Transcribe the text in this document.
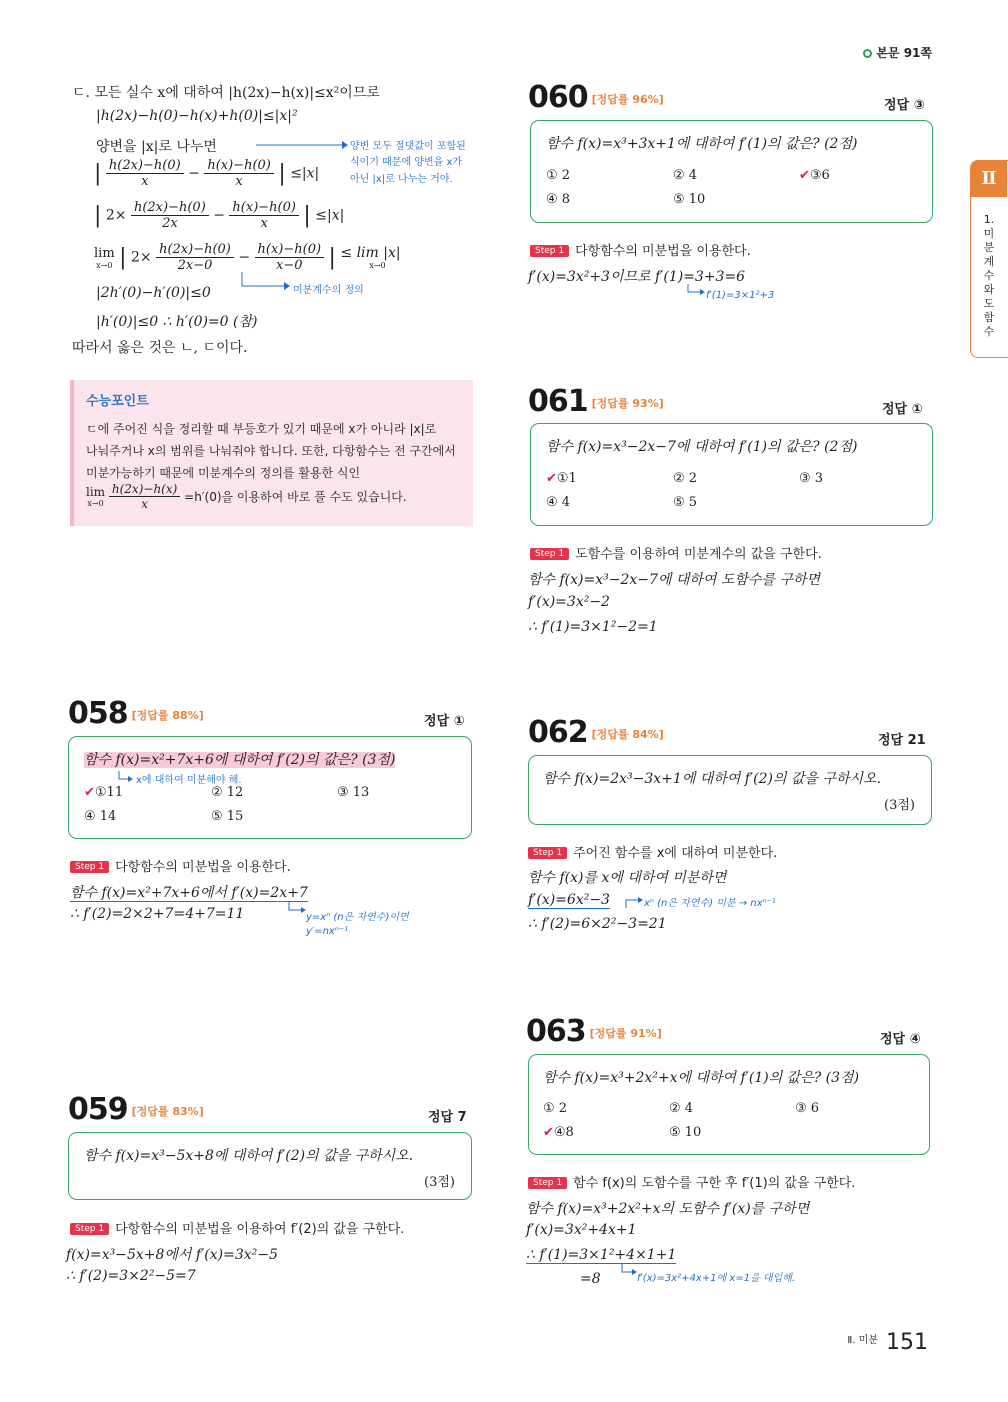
본문 91쪽
Ⅱ
1.미분계수와도함수
ㄷ. 모든 실수 x에 대하여 |h(2x)−h(x)|≤x²이므로
|h(2x)−h(0)−h(x)+h(0)|≤|x|²
양변을 |x|로 나누면	양변 모두 절댓값이 포함된
식이기 때문에 양변을 x가
아닌 |x|로 나누는 거야.
| $\frac{h(2x)-h(0)}{x} - \frac{h(x)-h(0)}{x}$ | ≤|x|
| $2\times \frac{h(2x)-h(0)}{2x} - \frac{h(x)-h(0)}{x}$ | ≤|x|
lim
x→0 | $2\times \frac{h(2x)-h(0)}{2x-0} - \frac{h(x)-h(0)}{x-0}$ | ≤ lim |x|
x→0
미분계수의 정의
|2h′(0)−h′(0)|≤0
|h′(0)|≤0 ∴ h′(0)=0 (참)
따라서 옳은 것은 ㄴ, ㄷ이다.
수능포인트
ㄷ에 주어진 식을 정리할 때 부등호가 있기 때문에 x가 아니라 |x|로
나눠주거나 x의 범위를 나눠줘야 합니다. 또한, 다항함수는 전 구간에서
미분가능하기 때문에 미분계수의 정의를 활용한 식인
lim
x→0
$\frac{h(2x)-h(x)}{x} =h'(0)$을 이용하여 바로 풀 수도 있습니다.
058 [정답률 88%]	정답 ①
함수 f(x)=x²+7x+6에 대하여 f′(2)의 값은? (3점)
x에 대하여 미분해야 해.
✔①11	② 12	③ 13
④ 14	⑤ 15
Step 1 다항함수의 미분법을 이용한다.
함수 f(x)=x²+7x+6에서 f′(x)=2x+7
∴ f′(2)=2×2+7=4+7=11	y=xⁿ (n은 자연수)이면
y′=nxⁿ⁻¹
059 [정답률 83%]	정답 7
함수 f(x)=x³−5x+8에 대하여 f′(2)의 값을 구하시오.
(3점)
Step 1 다항함수의 미분법을 이용하여 f′(2)의 값을 구한다.
f(x)=x³−5x+8에서 f′(x)=3x²−5
∴ f′(2)=3×2²−5=7
060 [정답률 96%]	정답 ③
함수 f(x)=x³+3x+1에 대하여 f′(1)의 값은? (2점)
① 2	② 4	✔③6
④ 8	⑤ 10
Step 1 다항함수의 미분법을 이용한다.
f′(x)=3x²+3이므로 f′(1)=3+3=6
f′(1)=3×1²+3
061 [정답률 93%]	정답 ①
함수 f(x)=x³−2x−7에 대하여 f′(1)의 값은? (2점)
✔①1	② 2	③ 3
④ 4	⑤ 5
Step 1 도함수를 이용하여 미분계수의 값을 구한다.
함수 f(x)=x³−2x−7에 대하여 도함수를 구하면
f′(x)=3x²−2
∴ f′(1)=3×1²−2=1
062 [정답률 84%]	정답 21
함수 f(x)=2x³−3x+1에 대하여 f′(2)의 값을 구하시오.
(3점)
Step 1 주어진 함수를 x에 대하여 미분한다.
함수 f(x)를 x에 대하여 미분하면
f′(x)=6x²−3	xⁿ (n은 자연수) 미분 → nxⁿ⁻¹
∴ f′(2)=6×2²−3=21
063 [정답률 91%]	정답 ④
함수 f(x)=x³+2x²+x에 대하여 f′(1)의 값은? (3점)
① 2	② 4	③ 6
✔④8	⑤ 10
Step 1 함수 f(x)의 도함수를 구한 후 f′(1)의 값을 구한다.
함수 f(x)=x³+2x²+x의 도함수 f′(x)를 구하면
f′(x)=3x²+4x+1
∴ f′(1)=3×1²+4×1+1
=8	f′(x)=3x²+4x+1에 x=1을 대입해.
$^{Ⅱ. 미분}$ 151
